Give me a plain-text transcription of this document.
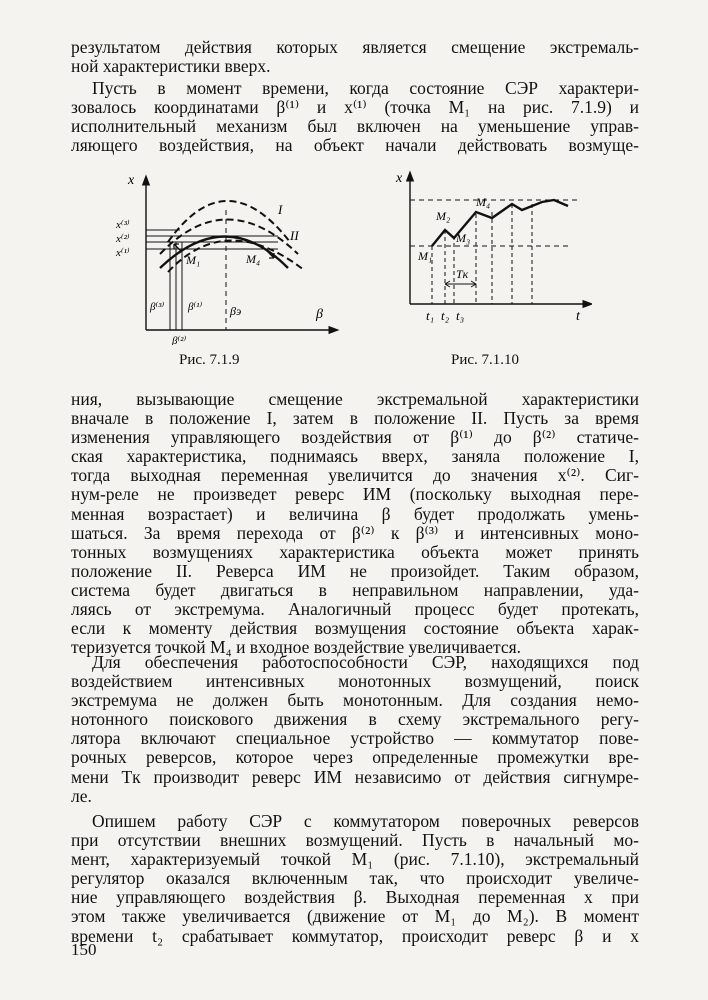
результатом действия которых является смещение экстремаль-
ной характеристики вверх.
Пусть в момент времени, когда состояние СЭР характери-
зовалось координатами β⁽¹⁾ и x⁽¹⁾ (точка M₁ на рис. 7.1.9) и
исполнительный механизм был включен на уменьшение управ-
ляющего воздействия, на объект начали действовать возмуще-
x
β
x⁽³⁾
x⁽²⁾
x⁽¹⁾
I
II
M₁	M₄
β⁽³⁾ β⁽¹⁾
β⁽²⁾
βэ
Рис. 7.1.9
x
t
M₁
M₂
M₃
M₄
Tк
t₁ t₂ t₃
Рис. 7.1.10
ния, вызывающие смещение экстремальной характеристики
вначале в положение I, затем в положение II. Пусть за время
изменения управляющего воздействия от β⁽¹⁾ до β⁽²⁾ статиче-
ская характеристика, поднимаясь вверх, заняла положение I,
тогда выходная переменная увеличится до значения x⁽²⁾. Сиг-
нум-реле не произведет реверс ИМ (поскольку выходная пере-
менная возрастает) и величина β будет продолжать умень-
шаться. За время перехода от β⁽²⁾ к β⁽³⁾ и интенсивных моно-
тонных возмущениях характеристика объекта может принять
положение II. Реверса ИМ не произойдет. Таким образом,
система будет двигаться в неправильном направлении, уда-
ляясь от экстремума. Аналогичный процесс будет протекать,
если к моменту действия возмущения состояние объекта харак-
теризуется точкой M₄ и входное воздействие увеличивается.
Для обеспечения работоспособности СЭР, находящихся под
воздействием интенсивных монотонных возмущений, поиск
экстремума не должен быть монотонным. Для создания немо-
нотонного поискового движения в схему экстремального регу-
лятора включают специальное устройство — коммутатор пове-
рочных реверсов, которое через определенные промежутки вре-
мени Tк производит реверс ИМ независимо от действия сигнумре-
ле.
Опишем работу СЭР с коммутатором поверочных реверсов
при отсутствии внешних возмущений. Пусть в начальный мо-
мент, характеризуемый точкой M₁ (рис. 7.1.10), экстремальный
регулятор оказался включенным так, что происходит увеличе-
ние управляющего воздействия β. Выходная переменная x при
этом также увеличивается (движение от M₁ до M₂). В момент
времени t₂ срабатывает коммутатор, происходит реверс β и x
150
